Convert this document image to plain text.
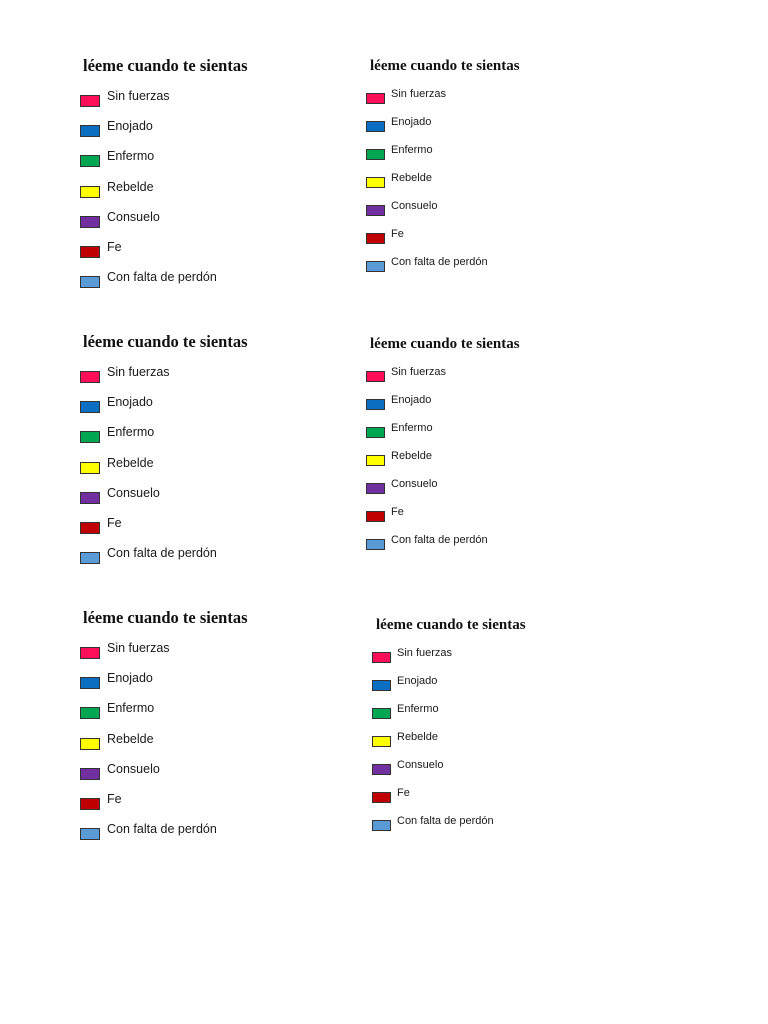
léeme cuando te sientas
Sin fuerzas
Enojado
Enfermo
Rebelde
Consuelo
Fe
Con falta de perdón
léeme cuando te sientas
Sin fuerzas
Enojado
Enfermo
Rebelde
Consuelo
Fe
Con falta de perdón
léeme cuando te sientas
Sin fuerzas
Enojado
Enfermo
Rebelde
Consuelo
Fe
Con falta de perdón
léeme cuando te sientas
Sin fuerzas
Enojado
Enfermo
Rebelde
Consuelo
Fe
Con falta de perdón
léeme cuando te sientas
Sin fuerzas
Enojado
Enfermo
Rebelde
Consuelo
Fe
Con falta de perdón
léeme cuando te sientas
Sin fuerzas
Enojado
Enfermo
Rebelde
Consuelo
Fe
Con falta de perdón
